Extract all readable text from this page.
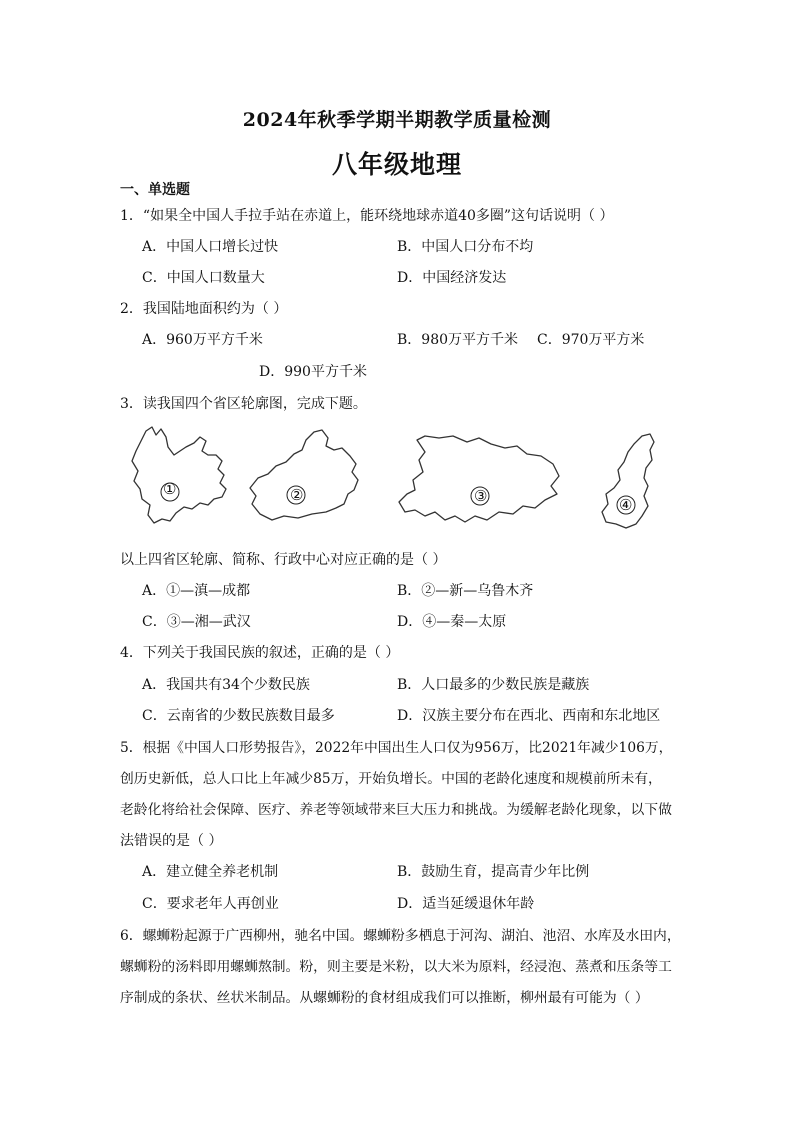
2024年秋季学期半期教学质量检测
八年级地理
一、单选题
1．“如果全中国人手拉手站在赤道上，能环绕地球赤道40多圈”这句话说明（ ）
A．中国人口增长过快	B．中国人口分布不均
C．中国人口数量大	D．中国经济发达
2．我国陆地面积约为（ ）
A．960万平方千米	B．980万平方千米 C．970万平方米
D．990平方千米
3．读我国四个省区轮廓图，完成下题。
①	②	③	④
以上四省区轮廓、简称、行政中心对应正确的是（ ）
A．①—滇—成都	B．②—新—乌鲁木齐
C．③—湘—武汉	D．④—秦—太原
4．下列关于我国民族的叙述，正确的是（ ）
A．我国共有34个少数民族	B．人口最多的少数民族是藏族
C．云南省的少数民族数目最多	D．汉族主要分布在西北、西南和东北地区
5．根据《中国人口形势报告》，2022年中国出生人口仅为956万，比2021年减少106万，
创历史新低，总人口比上年减少85万，开始负增长。中国的老龄化速度和规模前所未有，
老龄化将给社会保障、医疗、养老等领域带来巨大压力和挑战。为缓解老龄化现象，以下做
法错误的是（ ）
A．建立健全养老机制	B．鼓励生育，提高青少年比例
C．要求老年人再创业	D．适当延缓退休年龄
6．螺蛳粉起源于广西柳州，驰名中国。螺蛳粉多栖息于河沟、湖泊、池沼、水库及水田内，
螺蛳粉的汤料即用螺蛳熬制。粉，则主要是米粉，以大米为原料，经浸泡、蒸煮和压条等工
序制成的条状、丝状米制品。从螺蛳粉的食材组成我们可以推断，柳州最有可能为（ ）
